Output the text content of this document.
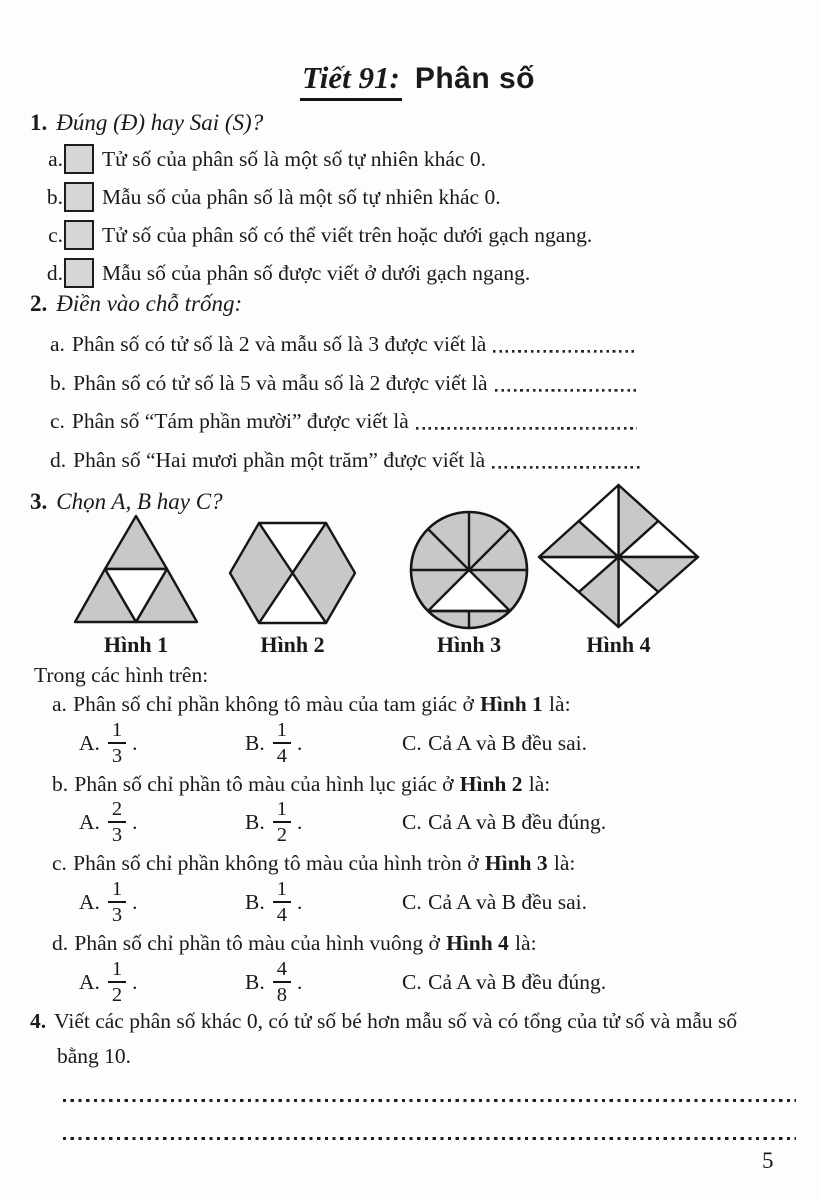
Tiết 91: Phân số
1. Đúng (Đ) hay Sai (S)?
a. Tử số của phân số là một số tự nhiên khác 0.
b. Mẫu số của phân số là một số tự nhiên khác 0.
c. Tử số của phân số có thể viết trên hoặc dưới gạch ngang.
d. Mẫu số của phân số được viết ở dưới gạch ngang.
2. Điền vào chỗ trống:
a. Phân số có tử số là 2 và mẫu số là 3 được viết là
b. Phân số có tử số là 5 và mẫu số là 2 được viết là
c. Phân số “Tám phần mười” được viết là
d. Phân số “Hai mươi phần một trăm” được viết là
3. Chọn A, B hay C?
Hình 1	Hình 2	Hình 3	Hình 4
Trong các hình trên:
a. Phân số chỉ phần không tô màu của tam giác ở Hình 1 là:
A. $\frac{1}{3}$ .	B. $\frac{1}{4}$ .	C. Cả A và B đều sai.
b. Phân số chỉ phần tô màu của hình lục giác ở Hình 2 là:
A. $\frac{2}{3}$ .	B. $\frac{1}{2}$ .	C. Cả A và B đều đúng.
c. Phân số chỉ phần không tô màu của hình tròn ở Hình 3 là:
A. $\frac{1}{3}$ .	B. $\frac{1}{4}$ .	C. Cả A và B đều sai.
d. Phân số chỉ phần tô màu của hình vuông ở Hình 4 là:
A. $\frac{1}{2}$ .	B. $\frac{4}{8}$ .	C. Cả A và B đều đúng.
4. Viết các phân số khác 0, có tử số bé hơn mẫu số và có tổng của tử số và mẫu số
bằng 10.
5
